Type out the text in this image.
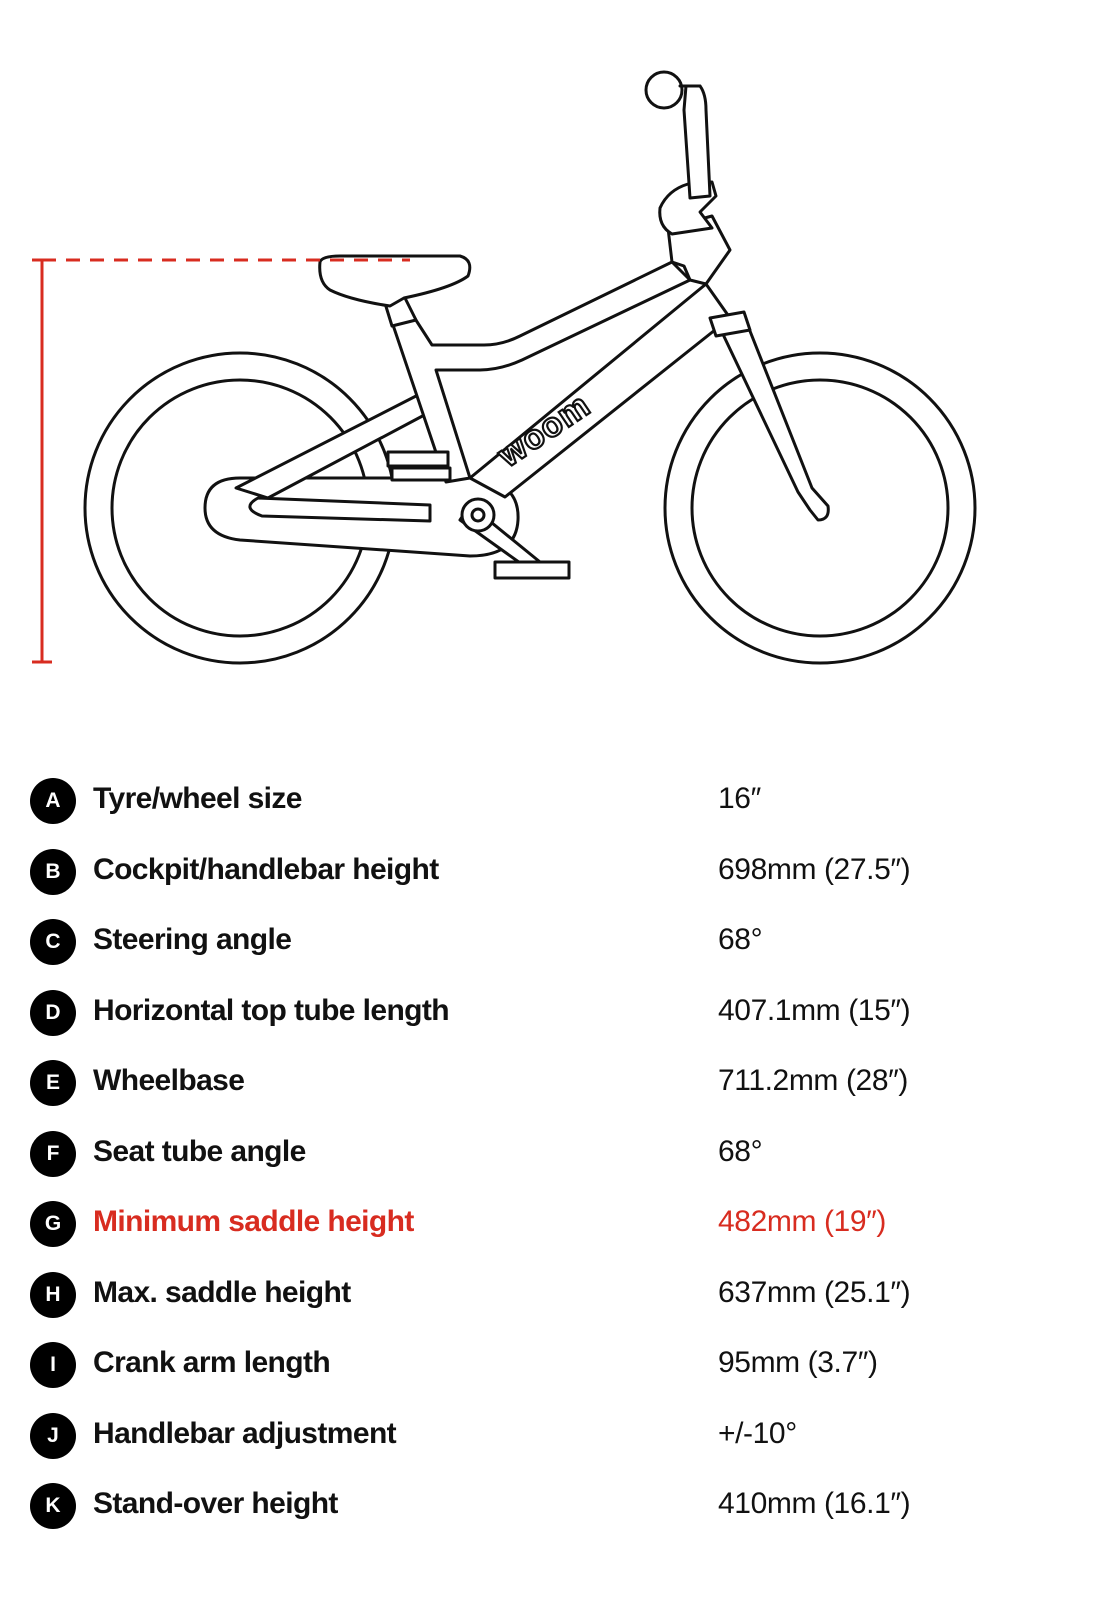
woom
A	Tyre/wheel size	16″
B	Cockpit/handlebar height	698mm (27.5″)
C	Steering angle	68°
D	Horizontal top tube length	407.1mm (15″)
E	Wheelbase	711.2mm (28″)
F	Seat tube angle	68°
G	Minimum saddle height	482mm (19″)
H	Max. saddle height	637mm (25.1″)
I	Crank arm length	95mm (3.7″)
J	Handlebar adjustment	+/-10°
K	Stand-over height	410mm (16.1″)
